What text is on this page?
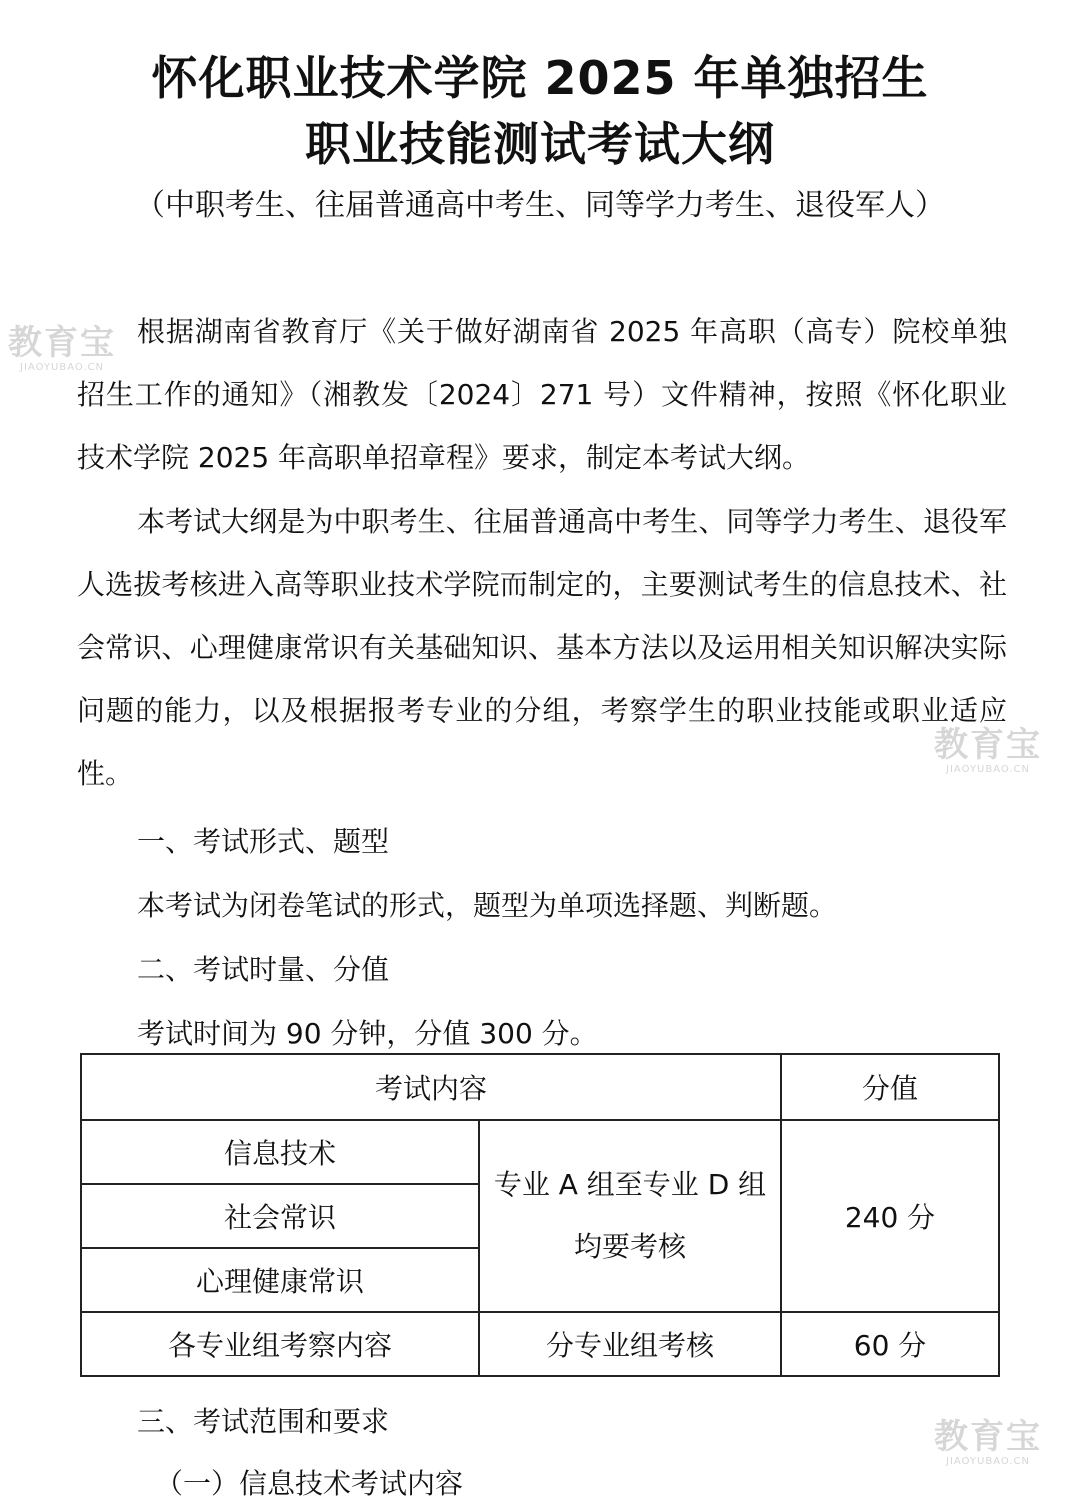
怀化职业技术学院 2025 年单独招生
职业技能测试考试大纲
（中职考生、往届普通高中考生、同等学力考生、退役军人）
根据湖南省教育厅《关于做好湖南省 2025 年高职（高专）院校单独招生工作的通知》（湘教发〔2024〕271 号）文件精神，按照《怀化职业技术学院 2025 年高职单招章程》要求，制定本考试大纲。
本考试大纲是为中职考生、往届普通高中考生、同等学力考生、退役军人选拔考核进入高等职业技术学院而制定的，主要测试考生的信息技术、社会常识、心理健康常识有关基础知识、基本方法以及运用相关知识解决实际问题的能力，以及根据报考专业的分组，考察学生的职业技能或职业适应性。
一、考试形式、题型
本考试为闭卷笔试的形式，题型为单项选择题、判断题。
二、考试时量、分值
考试时间为 90 分钟，分值 300 分。
考试内容		分值
信息技术	专业 A 组至专业 D 组均要考核	240 分
社会常识		
心理健康常识		
各专业组考察内容	分专业组考核	60 分
三、考试范围和要求
（一）信息技术考试内容
教育宝
JIAOYUBAO.CN
教育宝
JIAOYUBAO.CN
教育宝
JIAOYUBAO.CN
